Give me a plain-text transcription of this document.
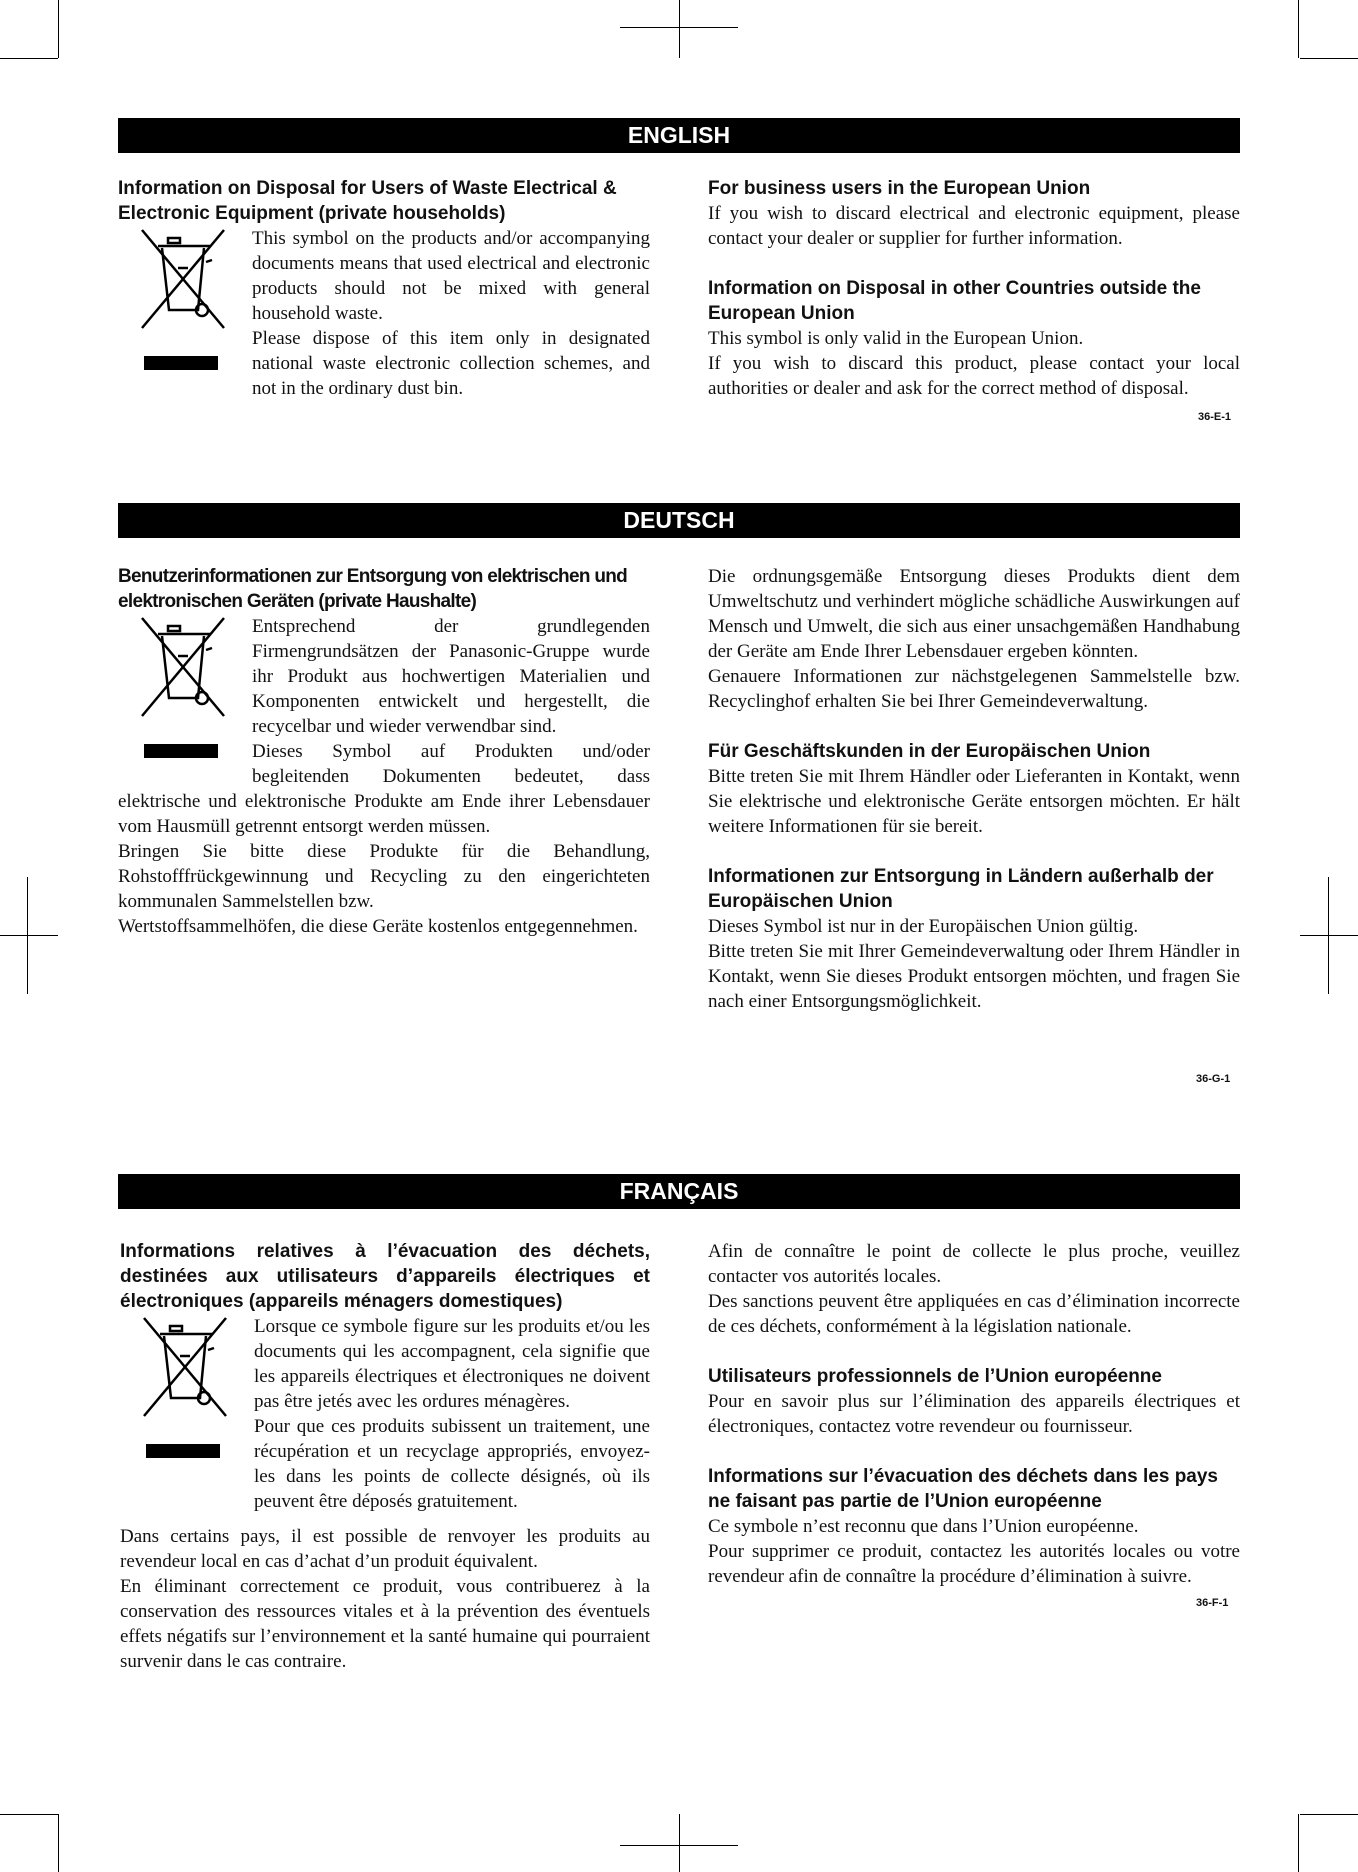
ENGLISH
Information on Disposal for Users of Waste Electrical & Electronic Equipment (private households)

This symbol on the products and/or accompanying documents means that used electrical and electronic products should not be mixed with general household waste.

Please dispose of this item only in designated national waste electronic collection schemes, and not in the ordinary dust bin.

For business users in the European Union

If you wish to discard electrical and electronic equipment, please contact your dealer or supplier for further information.

Information on Disposal in other Countries outside the European Union

This symbol is only valid in the European Union.

If you wish to discard this product, please contact your local authorities or dealer and ask for the correct method of disposal.

36-E-1
DEUTSCH
Benutzerinformationen zur Entsorgung von elektrischen und elektronischen Geräten (private Haushalte)

Entsprechend der grundlegenden Firmengrundsätzen der Panasonic-Gruppe wurde ihr Produkt aus hochwertigen Materialien und Komponenten entwickelt und hergestellt, die recycelbar und wieder verwendbar sind.

Dieses Symbol auf Produkten und/oder begleitenden Dokumenten bedeutet, dass elektrische und elektronische Produkte am Ende ihrer Lebensdauer vom Hausmüll getrennt entsorgt werden müssen.

Bringen Sie bitte diese Produkte für die Behandlung, Rohstofffrückgewinnung und Recycling zu den eingerichteten kommunalen Sammelstellen bzw.

Wertstoffsammelhöfen, die diese Geräte kostenlos entgegennehmen.

Die ordnungsgemäße Entsorgung dieses Produkts dient dem Umweltschutz und verhindert mögliche schädliche Auswirkungen auf Mensch und Umwelt, die sich aus einer unsachgemäßen Handhabung der Geräte am Ende Ihrer Lebensdauer ergeben könnten.

Genauere Informationen zur nächstgelegenen Sammelstelle bzw. Recyclinghof erhalten Sie bei Ihrer Gemeindeverwaltung.

Für Geschäftskunden in der Europäischen Union

Bitte treten Sie mit Ihrem Händler oder Lieferanten in Kontakt, wenn Sie elektrische und elektronische Geräte entsorgen möchten. Er hält weitere Informationen für sie bereit.

Informationen zur Entsorgung in Ländern außerhalb der Europäischen Union

Dieses Symbol ist nur in der Europäischen Union gültig.

Bitte treten Sie mit Ihrer Gemeindeverwaltung oder Ihrem Händler in Kontakt, wenn Sie dieses Produkt entsorgen möchten, und fragen Sie nach einer Entsorgungsmöglichkeit.

36-G-1
FRANÇAIS
Informations relatives à l’évacuation des déchets, destinées aux utilisateurs d’appareils électriques et électroniques (appareils ménagers domestiques)

Lorsque ce symbole figure sur les produits et/ou les documents qui les accompagnent, cela signifie que les appareils électriques et électroniques ne doivent pas être jetés avec les ordures ménagères.

Pour que ces produits subissent un traitement, une récupération et un recyclage appropriés, envoyez-les dans les points de collecte désignés, où ils peuvent être déposés gratuitement.

Dans certains pays, il est possible de renvoyer les produits au revendeur local en cas d’achat d’un produit équivalent.

En éliminant correctement ce produit, vous contribuerez à la conservation des ressources vitales et à la prévention des éventuels effets négatifs sur l’environnement et la santé humaine qui pourraient survenir dans le cas contraire.

Afin de connaître le point de collecte le plus proche, veuillez contacter vos autorités locales.

Des sanctions peuvent être appliquées en cas d’élimination incorrecte de ces déchets, conformément à la législation nationale.

Utilisateurs professionnels de l’Union européenne

Pour en savoir plus sur l’élimination des appareils électriques et électroniques, contactez votre revendeur ou fournisseur.

Informations sur l’évacuation des déchets dans les pays ne faisant pas partie de l’Union européenne

Ce symbole n’est reconnu que dans l’Union européenne.

Pour supprimer ce produit, contactez les autorités locales ou votre revendeur afin de connaître la procédure d’élimination à suivre.

36-F-1
